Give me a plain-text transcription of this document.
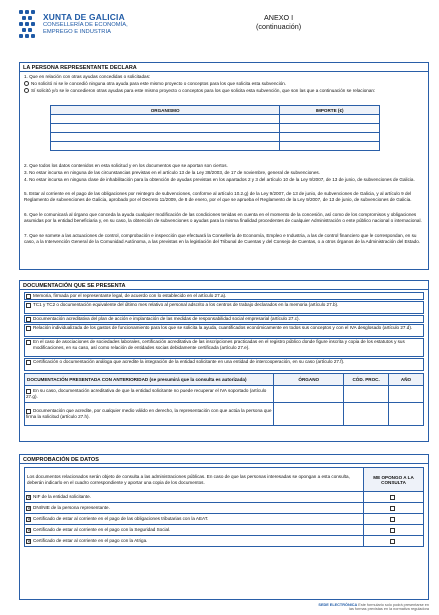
XUNTA DE GALICIA
CONSELLERÍA DE ECONOMÍA,
EMPREGO E INDUSTRIA
ANEXO I
(continuación)
LA PERSONA REPRESENTANTE DECLARA
1. Que en relación con otras ayudas concedidas o solicitadas:
No solicitó ni se le concedió ninguna otra ayuda para este mismo proyecto o conceptos para los que solicita esta subvención.
Sí solicitó y/o se le concedieron otras ayudas para este mismo proyecto o conceptos para los que solicita esta subvención, que son las que a continuación se relacionan:
ORGANISMO	IMPORTE (€)

2. Que todos los datos contenidos en esta solicitud y en los documentos que se aportan son ciertos.
3. No estar incursa en ninguna de las circunstancias previstas en el artículo 13 de la Ley 38/2003, de 17 de noviembre, general de subvenciones.
4. No estar incursa en ninguna clase de inhabilitación para la obtención de ayudas previstas en los apartados 2 y 3 del artículo 10 de la Ley 9/2007, de 13 de junio, de subvenciones de Galicia.
5. Estar al corriente en el pago de las obligaciones por reintegro de subvenciones, conforme al artículo 10.2.g) de la Ley 9/2007, de 13 de junio, de subvenciones de Galicia, y al artículo 9 del Reglamento de subvenciones de Galicia, aprobado por el Decreto 11/2009, de 8 de enero, por el que se aprueba el Reglamento de la Ley 9/2007, de 13 de junio, de subvenciones de Galicia.
6. Que le comunicará al órgano que conceda la ayuda cualquier modificación de las condiciones tenidas en cuenta en el momento de la concesión, así como de los compromisos y obligaciones asumidas por la entidad beneficiaria y, en su caso, la obtención de subvenciones o ayudas para la misma finalidad procedentes de cualquier Administración o ente público nacional o internacional.
7. Que se somete a las actuaciones de control, comprobación e inspección que efectuará la Consellería de Economía, Empleo e Industria, a las de control financiero que le correspondan, en su caso, a la Intervención General de la Comunidad Autónoma, a las previstas en la legislación del Tribunal de Cuentas y del Consejo de Cuentas, o a otros órganos de la Administración del Estado.
DOCUMENTACIÓN QUE SE PRESENTA
Memoria, firmada por el representante legal, de acuerdo con lo establecido en el artículo 27.a).
TC1 y TC2 o documentación equivalente del último mes relativo al personal adscrito a los centros de trabajo declarados en la memoria (artículo 27.b).
Documentación acreditativa del plan de acción e implantación de las medidas de responsabilidad social empresarial (artículo 27.c).
Relación individualizada de los gastos de funcionamiento para los que se solicita la ayuda, cuantificados económicamente en todos sus conceptos y con el IVA desglosado (artículo 27.d).
En el caso de asociaciones de sociedades laborales, certificación acreditativa de las inscripciones practicadas en el registro público donde figure inscrita y copia de los estatutos y sus modificaciones, en su caso, así como relación de entidades socias debidamente certificada (artículo 27.e).
Certificación o documentación análoga que acredite la integración de la entidad solicitante en una entidad de intercooperación, en su caso (artículo 27.f).
DOCUMENTACIÓN PRESENTADA CON ANTERIORIDAD (se presumirá que la consulta es autorizada)	ÓRGANO	CÓD. PROC.	AÑO
En su caso, documentación acreditativa de que la entidad solicitante no puede recuperar el IVA soportado (artículo 27.g).			
Documentación que acredite, por cualquier medio válido en derecho, la representación con que actúa la persona que firma la solicitud (artículo 27.h).			
COMPROBACIÓN DE DATOS
Los documentos relacionados serán objeto de consulta a las administraciones públicas. En caso de que las personas interesadas se opongan a esta consulta, deberán indicarlo en el cuadro correspondiente y aportar una copia de los documentos.	ME OPONGO A LA CONSULTA
✕ NIF de la entidad solicitante.	
✕ DNI/NIE de la persona representante.	
✕ Certificado de estar al corriente en el pago de las obligaciones tributarias con la AEAT.	
✕ Certificado de estar al corriente en el pago con la Seguridad Social.	
✕ Certificado de estar al corriente en el pago con la Atriga.	
SEDE ELECTRÓNICA Este formulario solo podrá presentarse en
las formas previstas en la normativa reguladora
